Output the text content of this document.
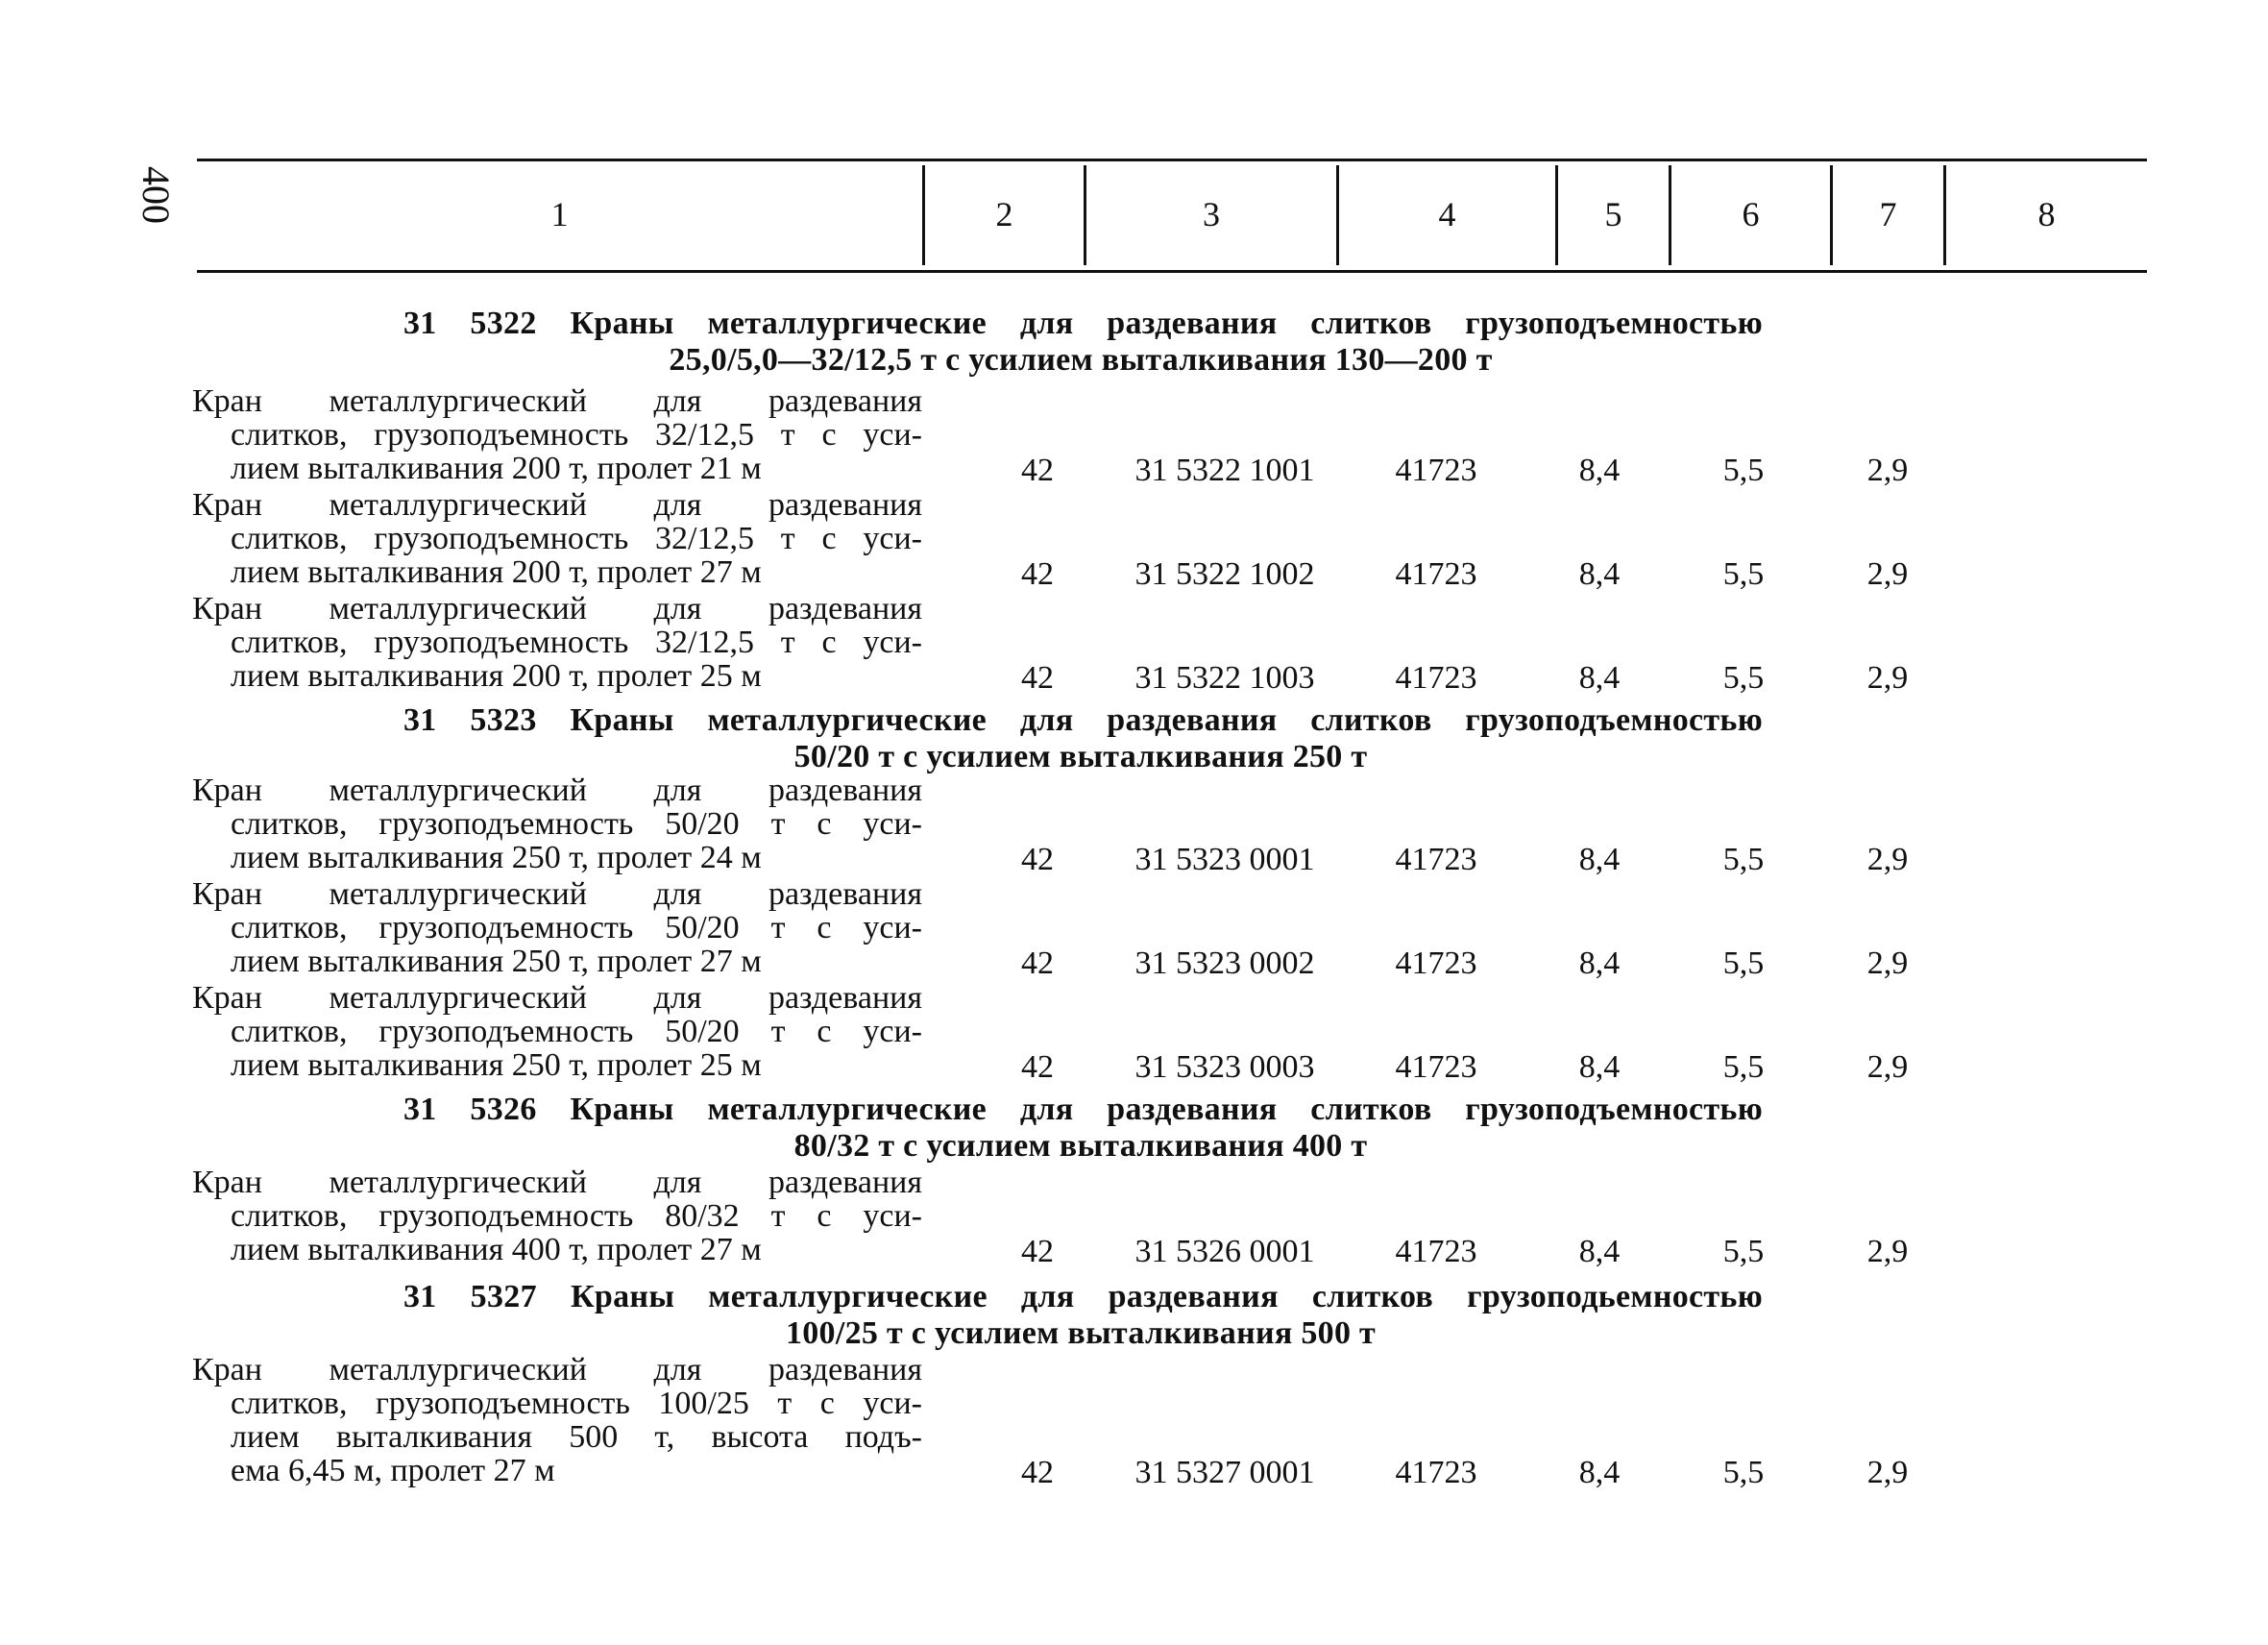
400	1	2	3	4	5	6	7	8
31 5322 Краны металлургические для раздевания слитков грузоподъемностью
25,0/5,0—32/12,5 т с усилием выталкивания 130—200 т
Кран металлургический для раздевания
слитков, грузоподъемность 32/12,5 т с уси-
лием выталкивания 200 т, пролет 21 м	42	31 5322 1001	41723	8,4	5,5	2,9
Кран металлургический для раздевания
слитков, грузоподъемность 32/12,5 т с уси-
лием выталкивания 200 т, пролет 27 м	42	31 5322 1002	41723	8,4	5,5	2,9
Кран металлургический для раздевания
слитков, грузоподъемность 32/12,5 т с уси-
лием выталкивания 200 т, пролет 25 м	42	31 5322 1003	41723	8,4	5,5	2,9
31 5323 Краны металлургические для раздевания слитков грузоподъемностью
50/20 т с усилием выталкивания 250 т
Кран металлургический для раздевания
слитков, грузоподъемность 50/20 т с уси-
лием выталкивания 250 т, пролет 24 м	42	31 5323 0001	41723	8,4	5,5	2,9
Кран металлургический для раздевания
слитков, грузоподъемность 50/20 т с уси-
лием выталкивания 250 т, пролет 27 м	42	31 5323 0002	41723	8,4	5,5	2,9
Кран металлургический для раздевания
слитков, грузоподъемность 50/20 т с уси-
лием выталкивания 250 т, пролет 25 м	42	31 5323 0003	41723	8,4	5,5	2,9
31 5326 Краны металлургические для раздевания слитков грузоподъемностью
80/32 т с усилием выталкивания 400 т
Кран металлургический для раздевания
слитков, грузоподъемность 80/32 т с уси-
лием выталкивания 400 т, пролет 27 м	42	31 5326 0001	41723	8,4	5,5	2,9
31 5327 Краны металлургические для раздевания слитков грузоподьемностью
100/25 т с усилием выталкивания 500 т
Кран металлургический для раздевания
слитков, грузоподъемность 100/25 т с уси-
лием выталкивания 500 т, высота подъ-
ема 6,45 м, пролет 27 м	42	31 5327 0001	41723	8,4	5,5	2,9
